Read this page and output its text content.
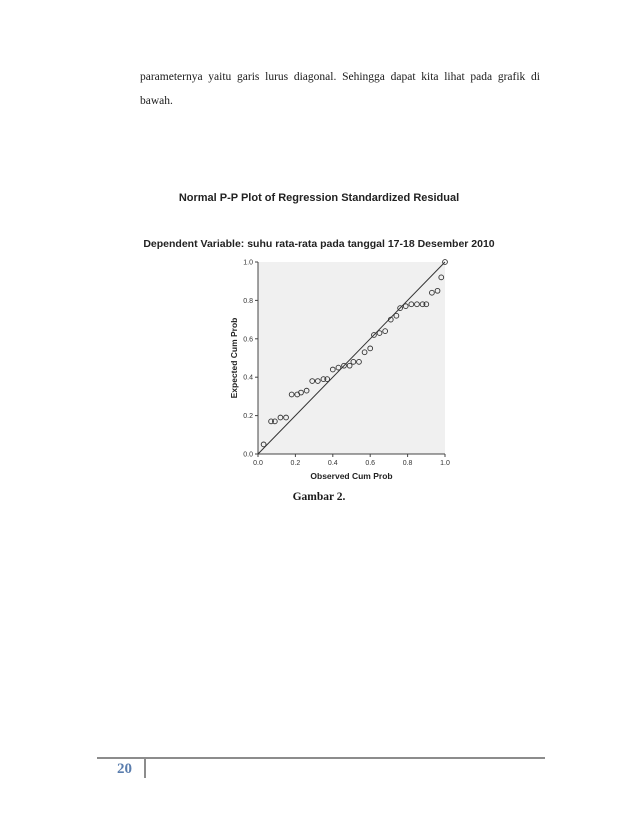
parameternya yaitu garis lurus diagonal. Sehingga dapat kita lihat pada grafik di

bawah.

Normal P-P Plot of Regression Standardized Residual
Dependent Variable: suhu rata-rata pada tanggal 17-18 Desember 2010
0.0	0.2	0.4	0.6	0.8	1.0
0.0
0.2
0.4
0.6
0.8
1.0
Observed Cum Prob
Expected Cum Prob
Gambar 2.
20
